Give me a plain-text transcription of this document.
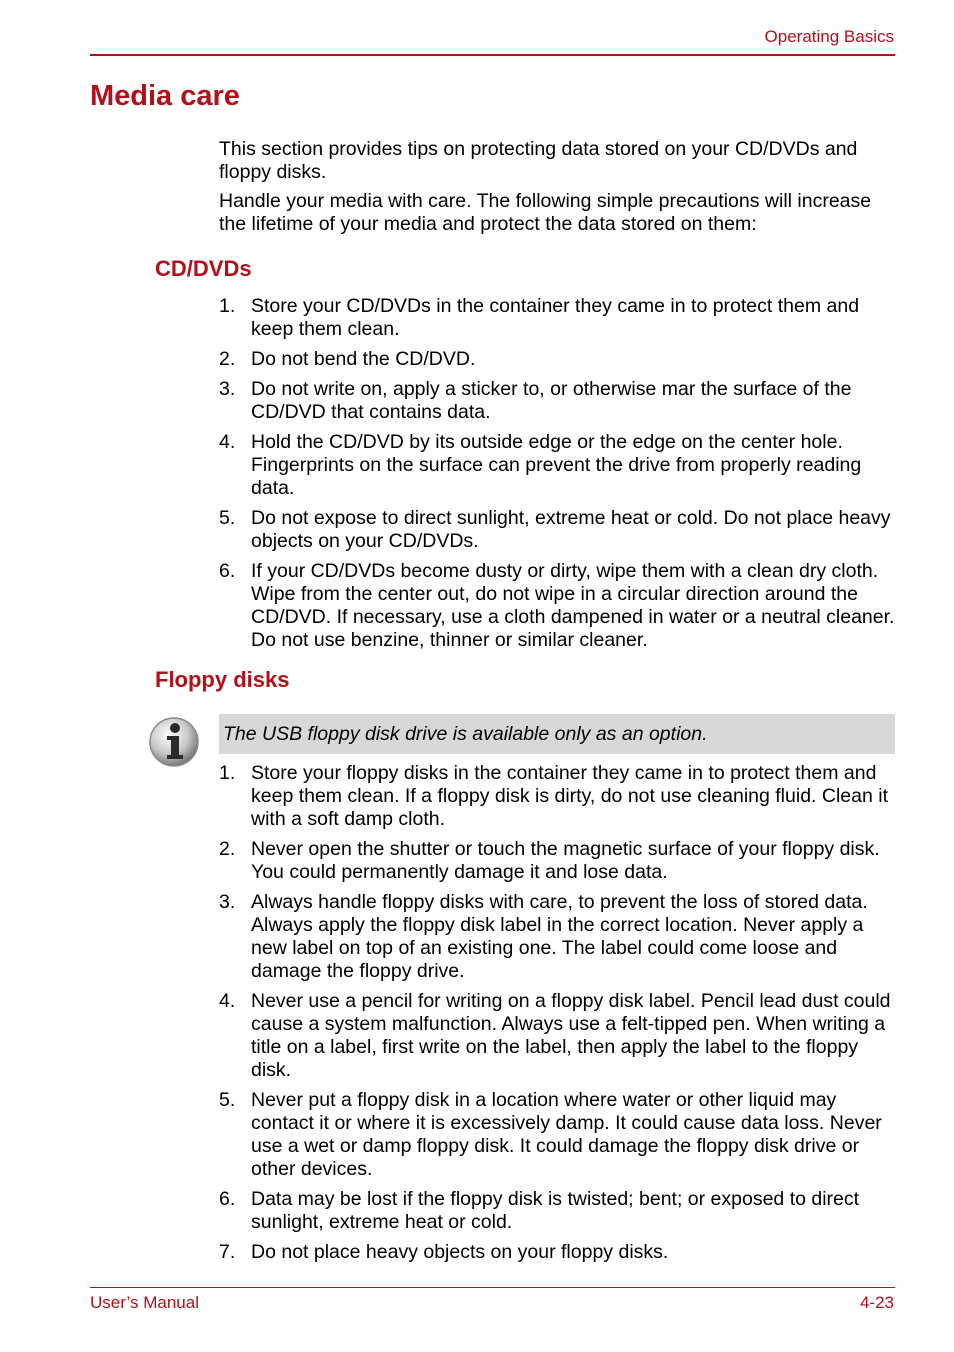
Operating Basics
Media care

This section provides tips on protecting data stored on your CD/DVDs and floppy disks.

Handle your media with care. The following simple precautions will increase the lifetime of your media and protect the data stored on them:

CD/DVDs
1. Store your CD/DVDs in the container they came in to protect them and keep them clean.
2. Do not bend the CD/DVD.
3. Do not write on, apply a sticker to, or otherwise mar the surface of the CD/DVD that contains data.
4. Hold the CD/DVD by its outside edge or the edge on the center hole. Fingerprints on the surface can prevent the drive from properly reading data.
5. Do not expose to direct sunlight, extreme heat or cold. Do not place heavy objects on your CD/DVDs.
6. If your CD/DVDs become dusty or dirty, wipe them with a clean dry cloth. Wipe from the center out, do not wipe in a circular direction around the CD/DVD. If necessary, use a cloth dampened in water or a neutral cleaner. Do not use benzine, thinner or similar cleaner.
Floppy disks
The USB floppy disk drive is available only as an option.
1. Store your floppy disks in the container they came in to protect them and keep them clean. If a floppy disk is dirty, do not use cleaning fluid. Clean it with a soft damp cloth.
2. Never open the shutter or touch the magnetic surface of your floppy disk. You could permanently damage it and lose data.
3. Always handle floppy disks with care, to prevent the loss of stored data. Always apply the floppy disk label in the correct location. Never apply a new label on top of an existing one. The label could come loose and damage the floppy drive.
4. Never use a pencil for writing on a floppy disk label. Pencil lead dust could cause a system malfunction. Always use a felt-tipped pen. When writing a title on a label, first write on the label, then apply the label to the floppy disk.
5. Never put a floppy disk in a location where water or other liquid may contact it or where it is excessively damp. It could cause data loss. Never use a wet or damp floppy disk. It could damage the floppy disk drive or other devices.
6. Data may be lost if the floppy disk is twisted; bent; or exposed to direct sunlight, extreme heat or cold.
7. Do not place heavy objects on your floppy disks.
User’s Manual	4-23
